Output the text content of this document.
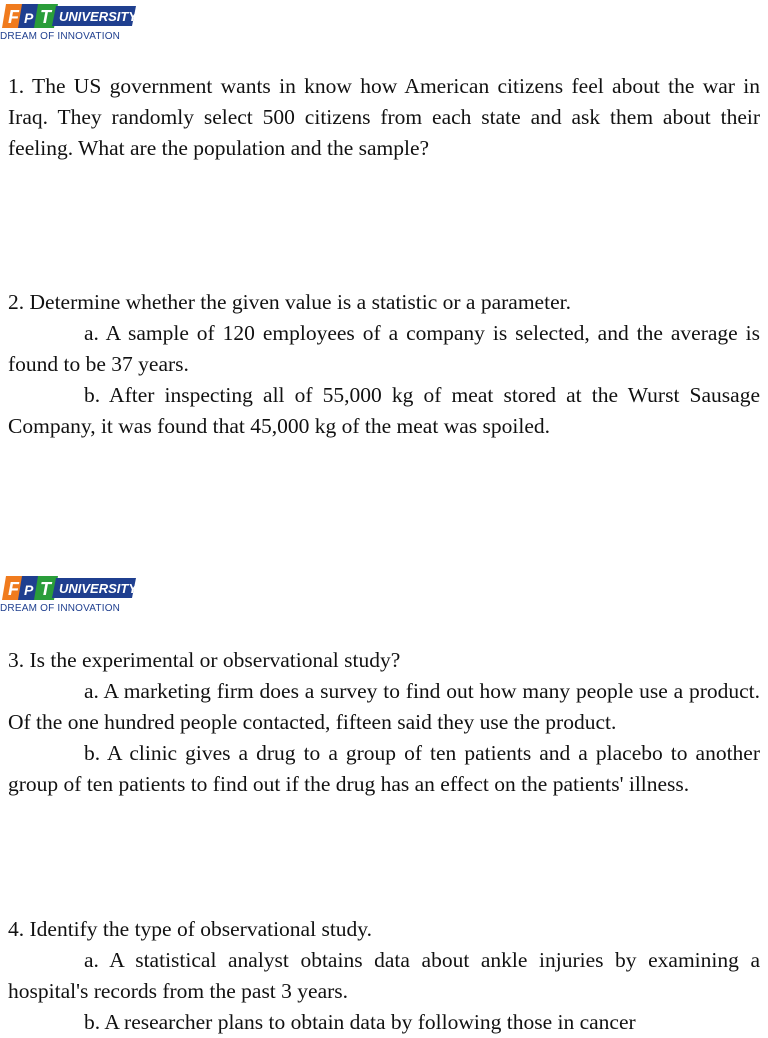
F P T UNIVERSITY
DREAM OF INNOVATION

1. The US government wants in know how American citizens feel about the war in Iraq. They randomly select 500 citizens from each state and ask them about their feeling. What are the population and the sample?

2. Determine whether the given value is a statistic or a parameter.

a. A sample of 120 employees of a company is selected, and the average is found to be 37 years.

b. After inspecting all of 55,000 kg of meat stored at the Wurst Sausage Company, it was found that 45,000 kg of the meat was spoiled.

F P T UNIVERSITY
DREAM OF INNOVATION

3. Is the experimental or observational study?

a. A marketing firm does a survey to find out how many people use a product. Of the one hundred people contacted, fifteen said they use the product.

b. A clinic gives a drug to a group of ten patients and a placebo to another group of ten patients to find out if the drug has an effect on the patients' illness.

4. Identify the type of observational study.

a. A statistical analyst obtains data about ankle injuries by examining a hospital's records from the past 3 years.

b. A researcher plans to obtain data by following those in cancer
